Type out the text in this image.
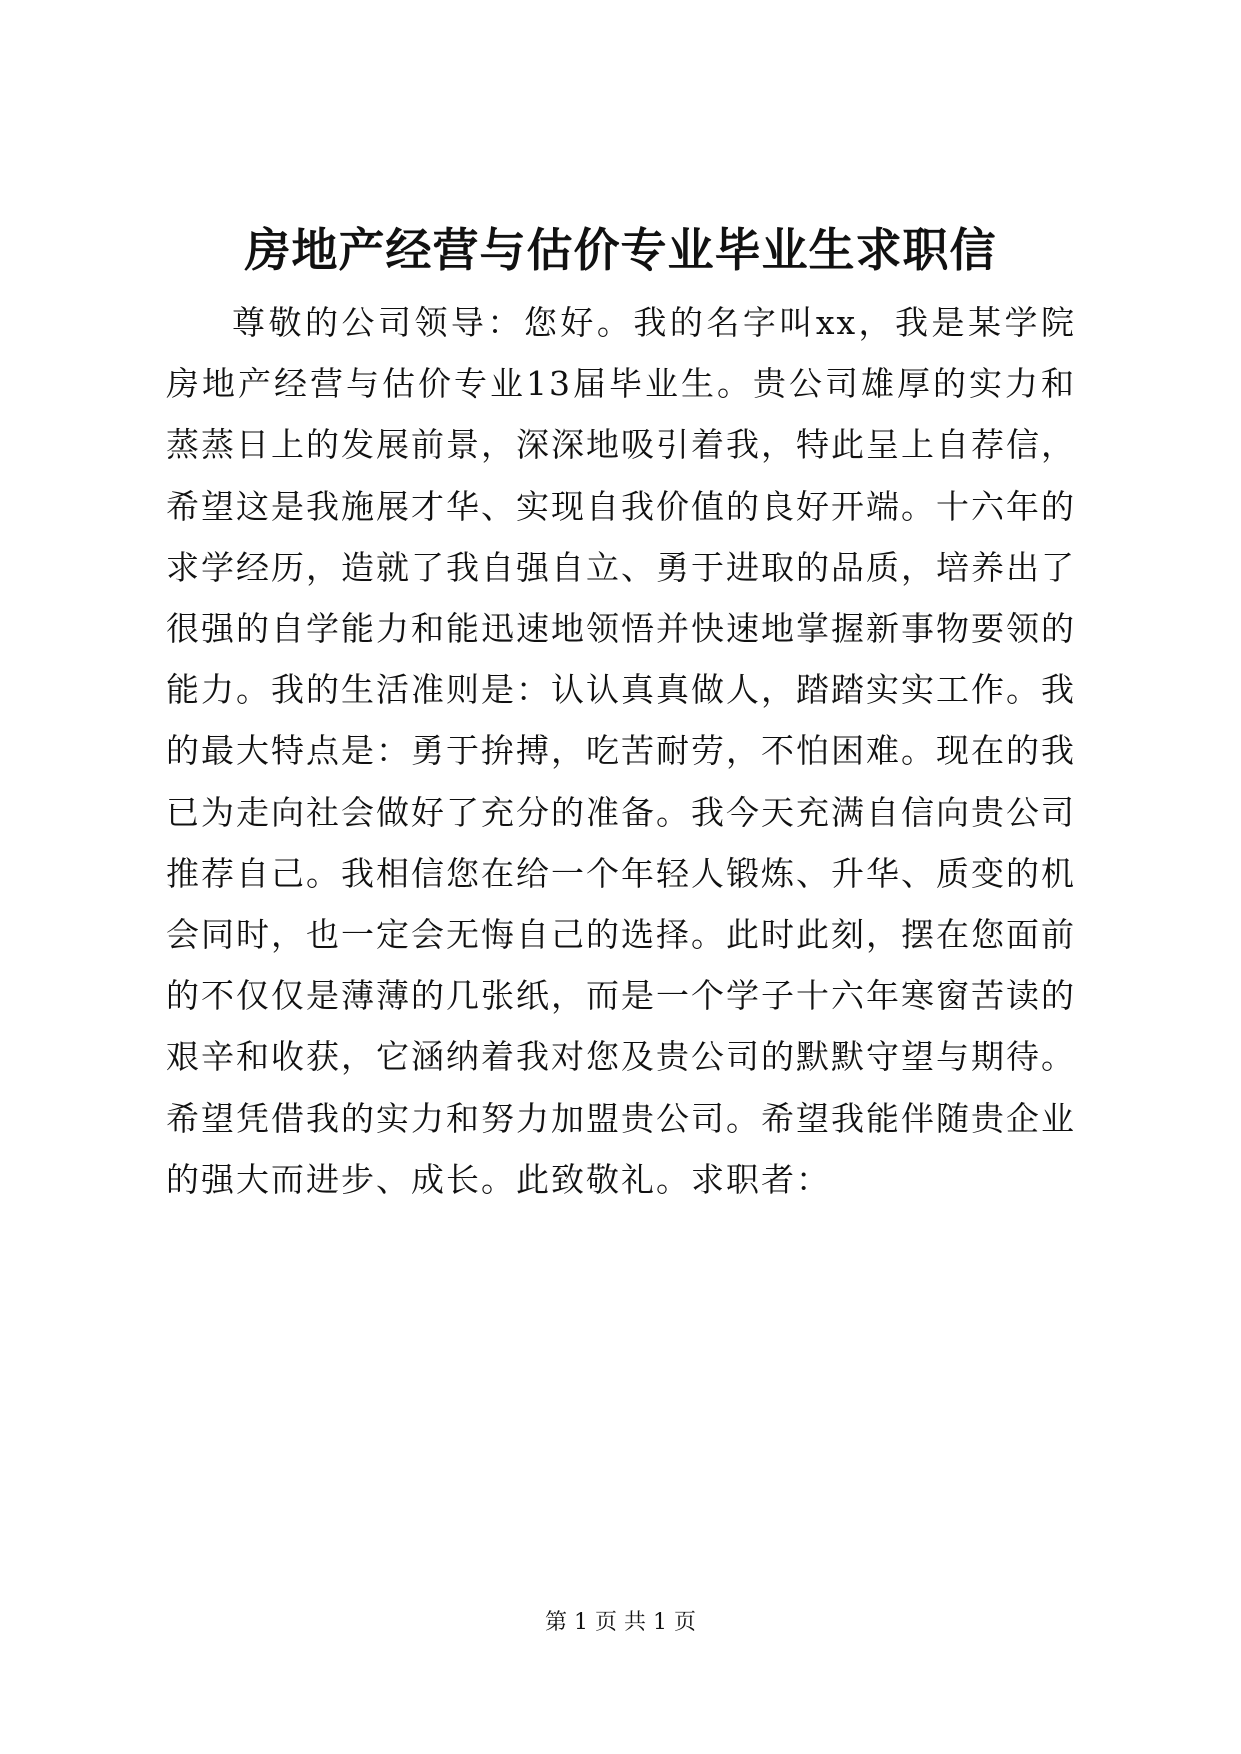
房地产经营与估价专业毕业生求职信

尊敬的公司领导：您好。我的名字叫xx，我是某学院房地产经营与估价专业13届毕业生。贵公司雄厚的实力和蒸蒸日上的发展前景，深深地吸引着我，特此呈上自荐信，希望这是我施展才华、实现自我价值的良好开端。十六年的求学经历，造就了我自强自立、勇于进取的品质，培养出了很强的自学能力和能迅速地领悟并快速地掌握新事物要领的能力。我的生活准则是：认认真真做人，踏踏实实工作。我的最大特点是：勇于拚搏，吃苦耐劳，不怕困难。现在的我已为走向社会做好了充分的准备。我今天充满自信向贵公司推荐自己。我相信您在给一个年轻人锻炼、升华、质变的机会同时，也一定会无悔自己的选择。此时此刻，摆在您面前的不仅仅是薄薄的几张纸，而是一个学子十六年寒窗苦读的艰辛和收获，它涵纳着我对您及贵公司的默默守望与期待。希望凭借我的实力和努力加盟贵公司。希望我能伴随贵企业的强大而进步、成长。此致敬礼。求职者：

第 1 页 共 1 页
